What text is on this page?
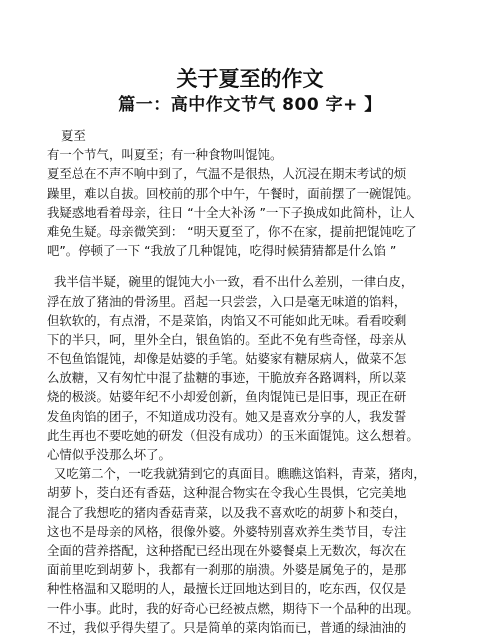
关于夏至的作文
篇一：高中作文节气 800 字+ 】
夏至
有一个节气，叫夏至；有一种食物叫馄饨。
夏至总在不声不响中到了，气温不是很热，人沉浸在期末考试的烦
躁里，难以自拔。回校前的那个中午，午餐时，面前摆了一碗馄饨。
我疑惑地看着母亲，往日 “十全大补汤 ”一下子换成如此简朴，让人
难免生疑。母亲微笑到： “明天夏至了，你不在家，提前把馄饨吃了
吧”。停顿了一下 “我放了几种馄饨，吃得时候猜猜都是什么馅 ”
我半信半疑，碗里的馄饨大小一致，看不出什么差别，一律白皮，
浮在放了猪油的骨汤里。舀起一只尝尝，入口是毫无味道的馅料，
但软软的，有点滑，不是菜馅，肉馅又不可能如此无味。看看咬剩
下的半只，呵，里外全白，银鱼馅的。至此不免有些奇怪，母亲从
不包鱼馅馄饨，却像是姑婆的手笔。姑婆家有糖尿病人，做菜不怎
么放糖，又有匆忙中混了盐糖的事迹，干脆放弃各路调料，所以菜
烧的极淡。姑婆年纪不小却爱创新，鱼肉馄饨已是旧事，现正在研
发鱼肉馅的团子，不知道成功没有。她又是喜欢分享的人，我发誓
此生再也不要吃她的研发（但没有成功）的玉米面馄饨。这么想着。
心情似乎没那么坏了。
又吃第二个，一吃我就猜到它的真面目。瞧瞧这馅料，青菜，猪肉，
胡萝卜，茭白还有香菇，这种混合物实在令我心生畏惧，它完美地
混合了我想吃的猪肉香菇青菜，以及我不喜欢吃的胡萝卜和茭白，
这也不是母亲的风格，很像外婆。外婆特别喜欢养生类节目，专注
全面的营养搭配，这种搭配已经出现在外婆餐桌上无数次，每次在
面前里吃到胡萝卜，我都有一刹那的崩溃。外婆是属兔子的，是那
种性格温和又聪明的人，最擅长迂回地达到目的，吃东西，仅仅是
一件小事。此时，我的好奇心已经被点燃，期待下一个品种的出现。
不过，我似乎得失望了。只是简单的菜肉馅而已，普通的绿油油的
